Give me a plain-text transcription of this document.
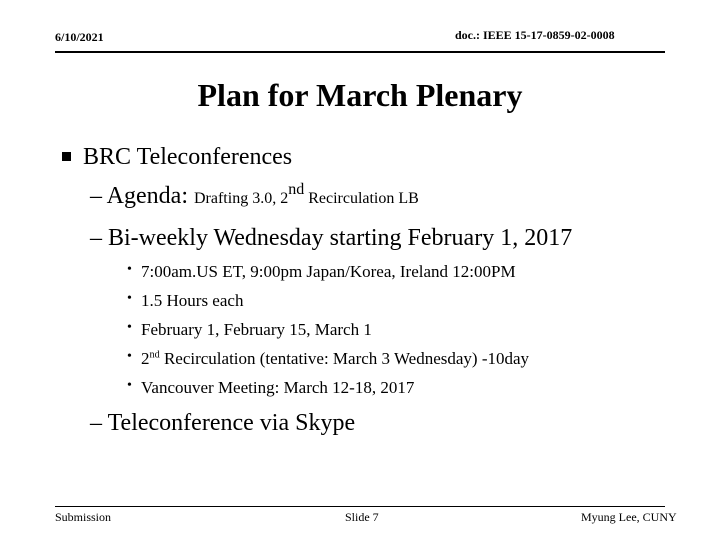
6/10/2021	doc.: IEEE 15-17-0859-02-0008
Plan for March Plenary
BRC Teleconferences
– Agenda: Drafting 3.0, 2nd Recirculation LB
– Bi-weekly Wednesday starting February 1, 2017
• 7:00am.US ET, 9:00pm Japan/Korea, Ireland 12:00PM
• 1.5 Hours each
• February 1, February 15, March 1
• 2nd Recirculation (tentative: March 3 Wednesday) -10day
• Vancouver Meeting: March 12-18, 2017
– Teleconference via Skype
Submission	Slide 7	Myung Lee, CUNY
